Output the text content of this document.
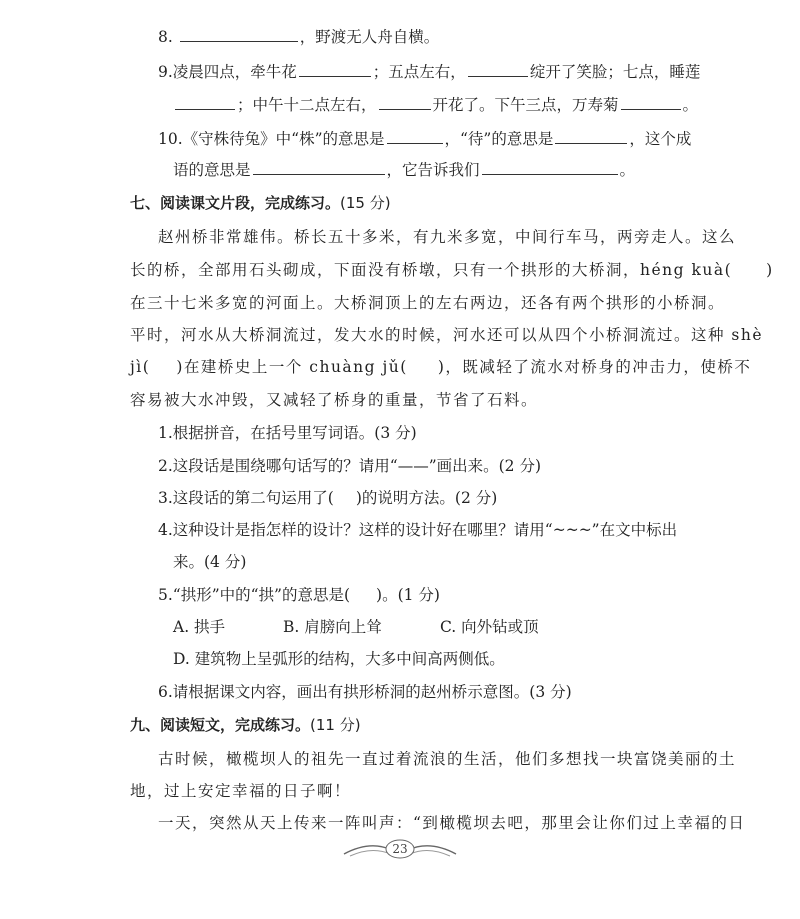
8.	，野渡无人舟自横。
9.凌晨四点，牵牛花	；五点左右，	绽开了笑脸；七点，睡莲
；中午十二点左右，	开花了。下午三点，万寿菊	。
10.《守株待兔》中“株”的意思是	，“待”的意思是	，这个成
语的意思是	，它告诉我们	。
七、阅读课文片段，完成练习。(15 分)
赵州桥非常雄伟。桥长五十多米，有九米多宽，中间行车马，两旁走人。这么
长的桥，全部用石头砌成，下面没有桥墩，只有一个拱形的大桥洞，héng kuà( )
在三十七米多宽的河面上。大桥洞顶上的左右两边，还各有两个拱形的小桥洞。
平时，河水从大桥洞流过，发大水的时候，河水还可以从四个小桥洞流过。这种 shè
jì( )在建桥史上一个 chuàng jǔ( )，既减轻了流水对桥身的冲击力，使桥不
容易被大水冲毁，又减轻了桥身的重量，节省了石料。
1.根据拼音，在括号里写词语。(3 分)
2.这段话是围绕哪句话写的？请用“——”画出来。(2 分)
3.这段话的第二句运用了( )的说明方法。(2 分)
4.这种设计是指怎样的设计？这样的设计好在哪里？请用“~~~”在文中标出
来。(4 分)
5.“拱形”中的“拱”的意思是( )。(1 分)
A. 拱手	B. 肩膀向上耸	C. 向外钻或顶
D. 建筑物上呈弧形的结构，大多中间高两侧低。
6.请根据课文内容，画出有拱形桥洞的赵州桥示意图。(3 分)
九、阅读短文，完成练习。(11 分)
古时候，橄榄坝人的祖先一直过着流浪的生活，他们多想找一块富饶美丽的土
地，过上安定幸福的日子啊！
一天，突然从天上传来一阵叫声：“到橄榄坝去吧，那里会让你们过上幸福的日
23
